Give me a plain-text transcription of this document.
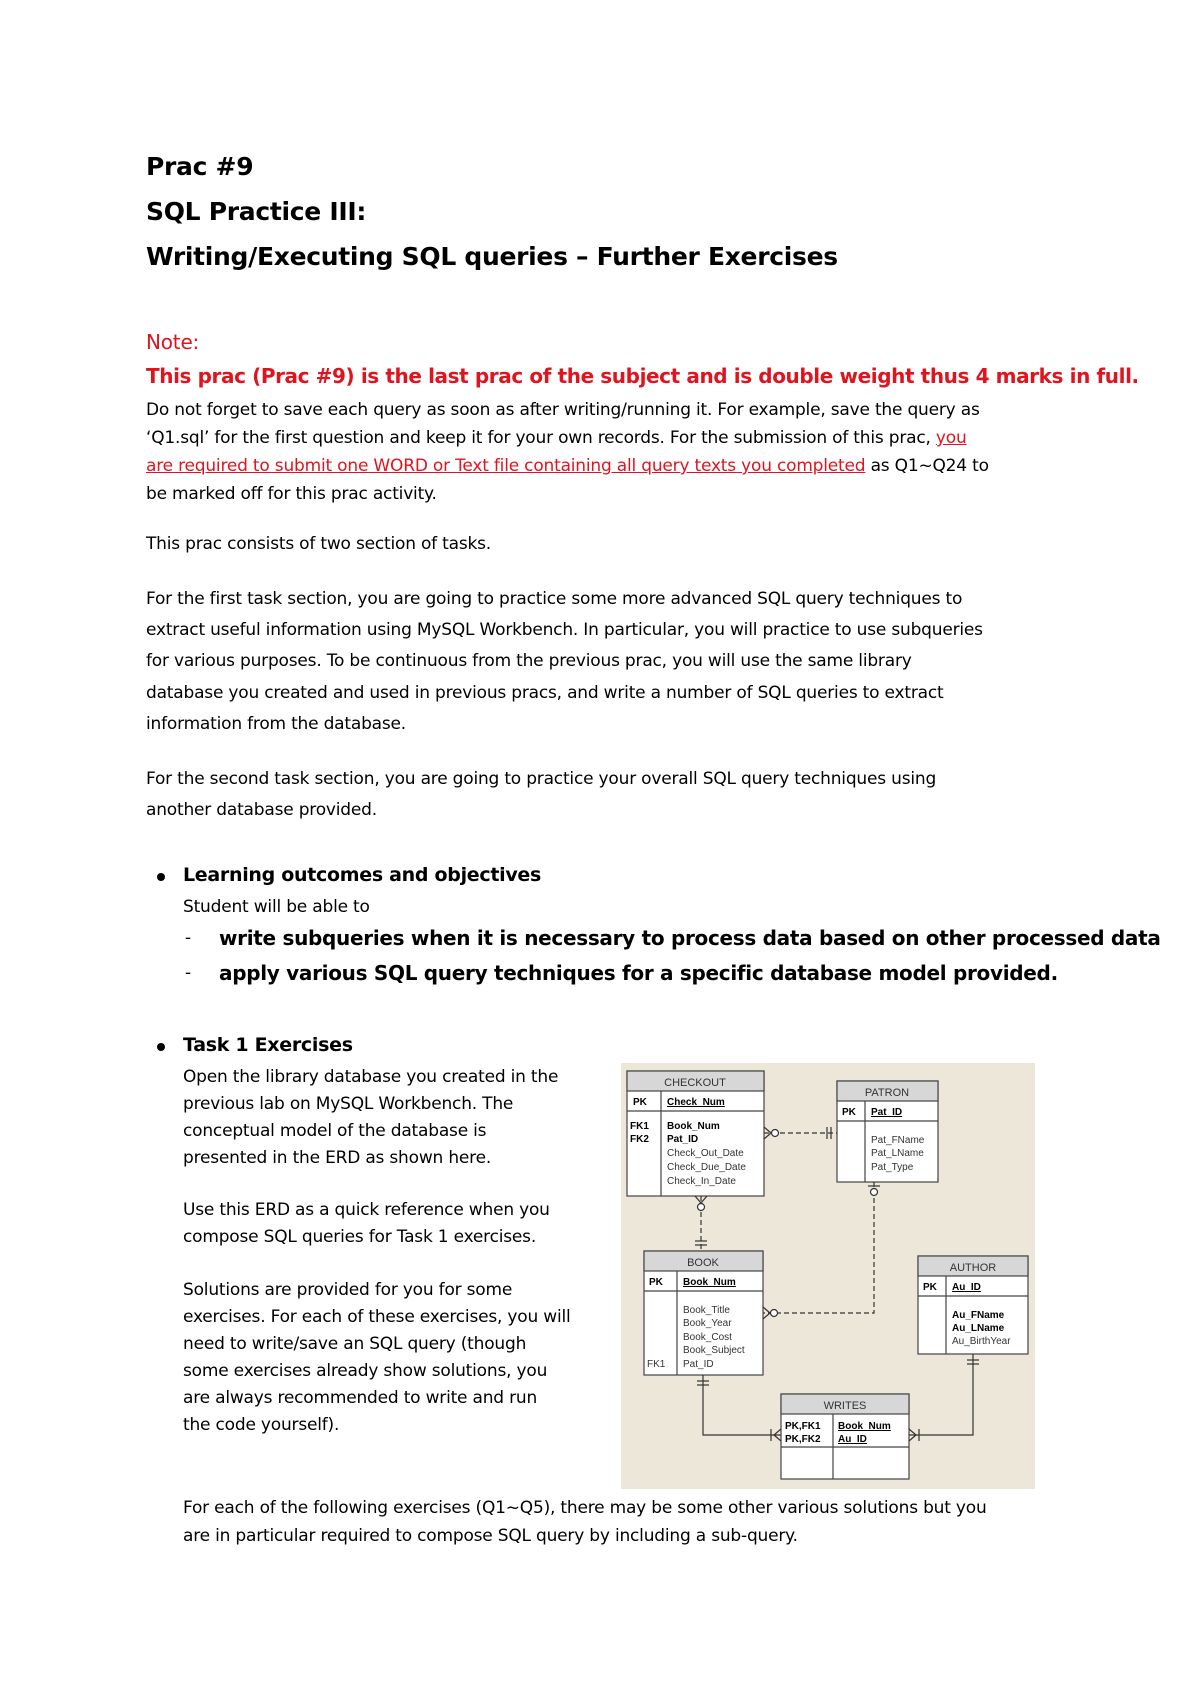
Prac #9
SQL Practice III:
Writing/Executing SQL queries – Further Exercises
Note:
This prac (Prac #9) is the last prac of the subject and is double weight thus 4 marks in full.
Do not forget to save each query as soon as after writing/running it. For example, save the query as
‘Q1.sql’ for the first question and keep it for your own records. For the submission of this prac, you
are required to submit one WORD or Text file containing all query texts you completed as Q1~Q24 to
be marked off for this prac activity.
This prac consists of two section of tasks.
For the first task section, you are going to practice some more advanced SQL query techniques to
extract useful information using MySQL Workbench. In particular, you will practice to use subqueries
for various purposes. To be continuous from the previous prac, you will use the same library
database you created and used in previous pracs, and write a number of SQL queries to extract
information from the database.
For the second task section, you are going to practice your overall SQL query techniques using
another database provided.
Learning outcomes and objectives
Student will be able to
- write subqueries when it is necessary to process data based on other processed data
- apply various SQL query techniques for a specific database model provided.
Task 1 Exercises
Open the library database you created in the
previous lab on MySQL Workbench. The
conceptual model of the database is
presented in the ERD as shown here.
Use this ERD as a quick reference when you
compose SQL queries for Task 1 exercises.
Solutions are provided for you for some
exercises. For each of these exercises, you will
need to write/save an SQL query (though
some exercises already show solutions, you
are always recommended to write and run
the code yourself).
For each of the following exercises (Q1~Q5), there may be some other various solutions but you
are in particular required to compose SQL query by including a sub-query.
CHECKOUT
PK Check_Num
FK1
FK2
Book_Num
Pat_ID
Check_Out_Date
Check_Due_Date
Check_In_Date
PATRON
PK Pat_ID
Pat_FName
Pat_LName
Pat_Type
BOOK
PK Book_Num
Book_Title
Book_Year
Book_Cost
Book_Subject
FK1 Pat_ID
AUTHOR
PK Au_ID
Au_FName
Au_LName
Au_BirthYear
WRITES
PK,FK1
PK,FK2
Book_Num
Au_ID
